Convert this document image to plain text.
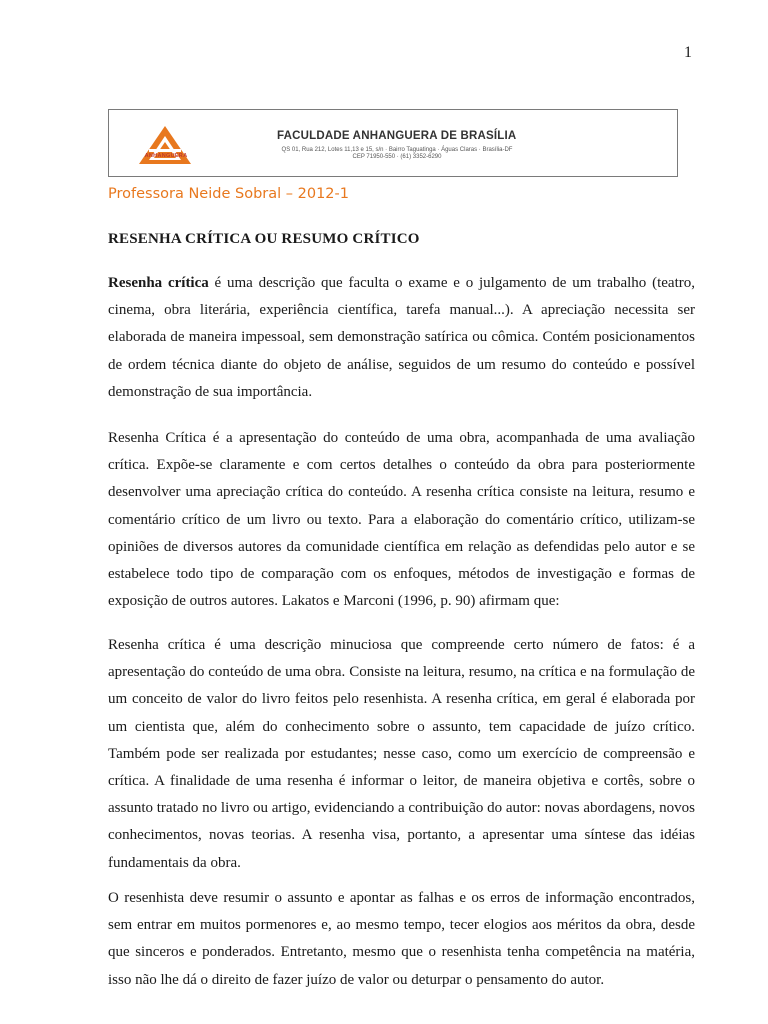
1
ANHANGUERA
FACULDADE ANHANGUERA DE BRASÍLIA
QS 01, Rua 212, Lotes 11,13 e 15, s/n · Bairro Taguatinga · Águas Claras · Brasília-DF
CEP 71950-550 · (61) 3352-6290
Professora Neide Sobral – 2012-1
RESENHA CRÍTICA OU RESUMO CRÍTICO

Resenha crítica é uma descrição que faculta o exame e o julgamento de um trabalho (teatro, cinema, obra literária, experiência científica, tarefa manual...). A apreciação necessita ser elaborada de maneira impessoal, sem demonstração satírica ou cômica. Contém posicionamentos de ordem técnica diante do objeto de análise, seguidos de um resumo do conteúdo e possível demonstração de sua importância.

Resenha Crítica é a apresentação do conteúdo de uma obra, acompanhada de uma avaliação crítica. Expõe-se claramente e com certos detalhes o conteúdo da obra para posteriormente desenvolver uma apreciação crítica do conteúdo. A resenha crítica consiste na leitura, resumo e comentário crítico de um livro ou texto. Para a elaboração do comentário crítico, utilizam-se opiniões de diversos autores da comunidade científica em relação as defendidas pelo autor e se estabelece todo tipo de comparação com os enfoques, métodos de investigação e formas de exposição de outros autores. Lakatos e Marconi (1996, p. 90) afirmam que:

Resenha crítica é uma descrição minuciosa que compreende certo número de fatos: é a apresentação do conteúdo de uma obra. Consiste na leitura, resumo, na crítica e na formulação de um conceito de valor do livro feitos pelo resenhista. A resenha crítica, em geral é elaborada por um cientista que, além do conhecimento sobre o assunto, tem capacidade de juízo crítico. Também pode ser realizada por estudantes; nesse caso, como um exercício de compreensão e crítica. A finalidade de uma resenha é informar o leitor, de maneira objetiva e cortês, sobre o assunto tratado no livro ou artigo, evidenciando a contribuição do autor: novas abordagens, novos conhecimentos, novas teorias. A resenha visa, portanto, a apresentar uma síntese das idéias fundamentais da obra.

O resenhista deve resumir o assunto e apontar as falhas e os erros de informação encontrados, sem entrar em muitos pormenores e, ao mesmo tempo, tecer elogios aos méritos da obra, desde que sinceros e ponderados. Entretanto, mesmo que o resenhista tenha competência na matéria, isso não lhe dá o direito de fazer juízo de valor ou deturpar o pensamento do autor.
